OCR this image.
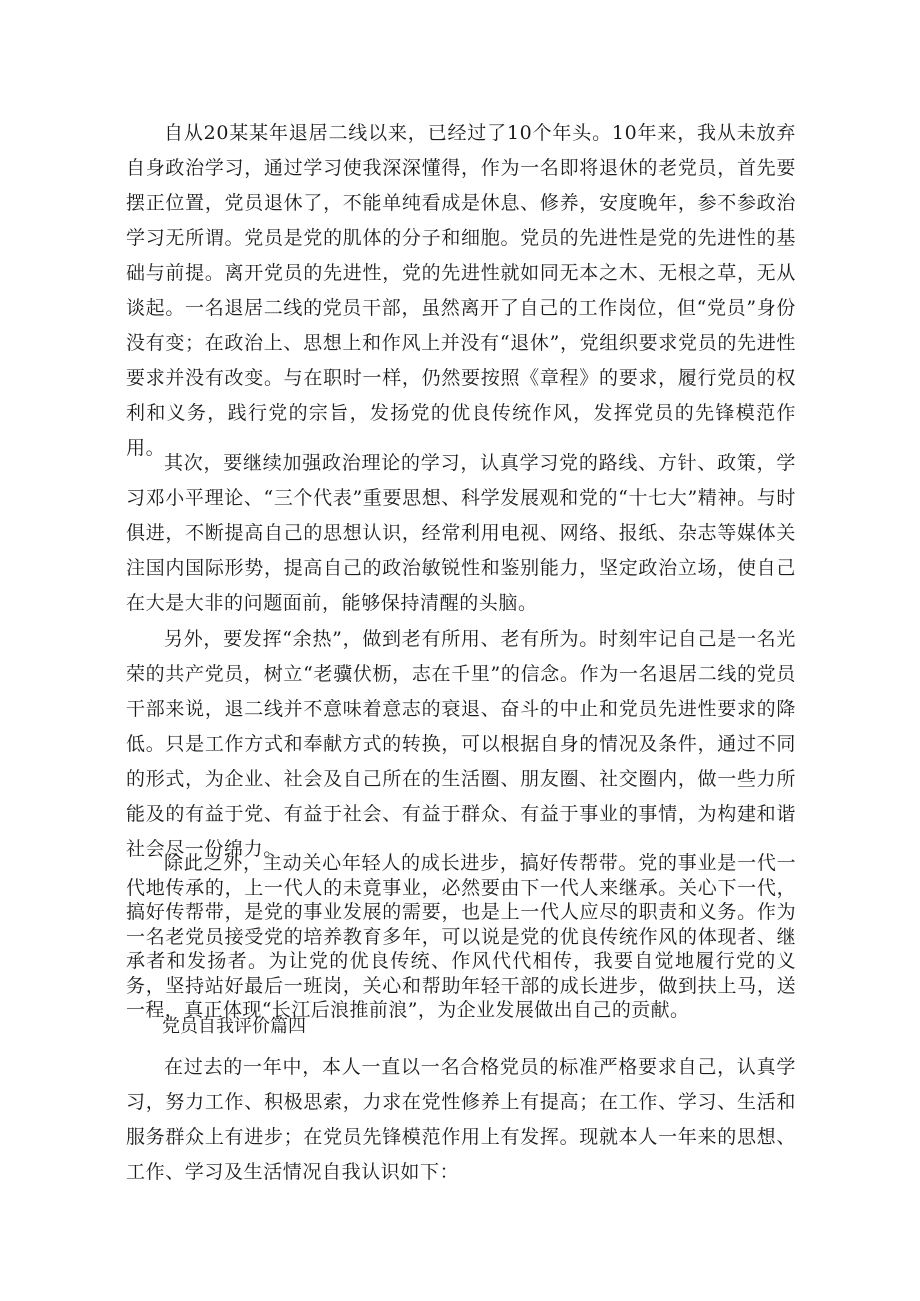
自从20某某年退居二线以来，已经过了10个年头。10年来，我从未放弃自身政治学习，通过学习使我深深懂得，作为一名即将退休的老党员，首先要摆正位置，党员退休了，不能单纯看成是休息、修养，安度晚年，参不参政治学习无所谓。党员是党的肌体的分子和细胞。党员的先进性是党的先进性的基础与前提。离开党员的先进性，党的先进性就如同无本之木、无根之草，无从谈起。一名退居二线的党员干部，虽然离开了自己的工作岗位，但“党员”身份没有变；在政治上、思想上和作风上并没有“退休”，党组织要求党员的先进性要求并没有改变。与在职时一样，仍然要按照《章程》的要求，履行党员的权利和义务，践行党的宗旨，发扬党的优良传统作风，发挥党员的先锋模范作用。

其次，要继续加强政治理论的学习，认真学习党的路线、方针、政策，学习邓小平理论、“三个代表”重要思想、科学发展观和党的“十七大”精神。与时俱进，不断提高自己的思想认识，经常利用电视、网络、报纸、杂志等媒体关注国内国际形势，提高自己的政治敏锐性和鉴别能力，坚定政治立场，使自己在大是大非的问题面前，能够保持清醒的头脑。

另外，要发挥“余热”，做到老有所用、老有所为。时刻牢记自己是一名光荣的共产党员，树立“老骥伏枥，志在千里”的信念。作为一名退居二线的党员干部来说，退二线并不意味着意志的衰退、奋斗的中止和党员先进性要求的降低。只是工作方式和奉献方式的转换，可以根据自身的情况及条件，通过不同的形式，为企业、社会及自己所在的生活圈、朋友圈、社交圈内，做一些力所能及的有益于党、有益于社会、有益于群众、有益于事业的事情，为构建和谐社会尽一份绵力。

除此之外，主动关心年轻人的成长进步，搞好传帮带。党的事业是一代一代地传承的，上一代人的未竟事业，必然要由下一代人来继承。关心下一代，搞好传帮带，是党的事业发展的需要，也是上一代人应尽的职责和义务。作为一名老党员接受党的培养教育多年，可以说是党的优良传统作风的体现者、继承者和发扬者。为让党的优良传统、作风代代相传，我要自觉地履行党的义务，坚持站好最后一班岗，关心和帮助年轻干部的成长进步，做到扶上马，送一程，真正体现“长江后浪推前浪”，为企业发展做出自己的贡献。

党员自我评价篇四

在过去的一年中，本人一直以一名合格党员的标准严格要求自己，认真学习，努力工作、积极思索，力求在党性修养上有提高；在工作、学习、生活和服务群众上有进步；在党员先锋模范作用上有发挥。现就本人一年来的思想、工作、学习及生活情况自我认识如下：
